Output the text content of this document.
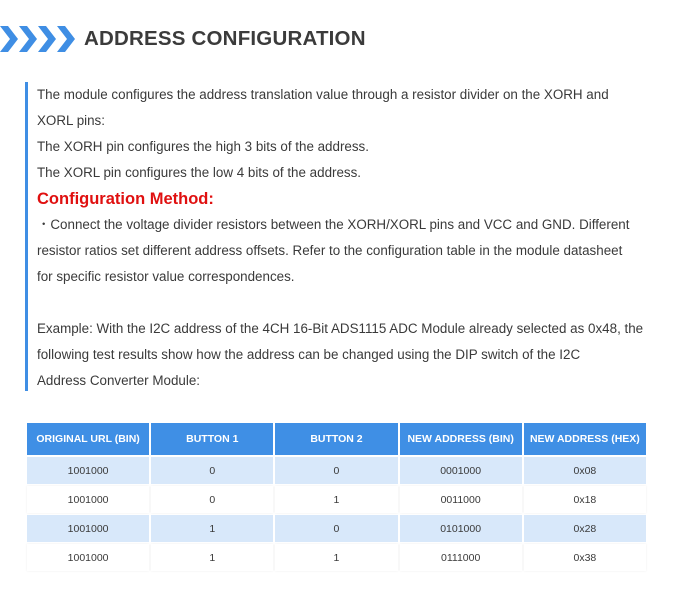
ADDRESS CONFIGURATION
The module configures the address translation value through a resistor divider on the XORH and
XORL pins:
The XORH pin configures the high 3 bits of the address.
The XORL pin configures the low 4 bits of the address.
Configuration Method:
・Connect the voltage divider resistors between the XORH/XORL pins and VCC and GND. Different
resistor ratios set different address offsets. Refer to the configuration table in the module datasheet
for specific resistor value correspondences.
Example: With the I2C address of the 4CH 16-Bit ADS1115 ADC Module already selected as 0x48, the
following test results show how the address can be changed using the DIP switch of the I2C
Address Converter Module:
ORIGINAL URL (BIN)	BUTTON 1	BUTTON 2	NEW ADDRESS (BIN)	NEW ADDRESS (HEX)
1001000	0	0	0001000	0x08
1001000	0	1	0011000	0x18
1001000	1	0	0101000	0x28
1001000	1	1	0111000	0x38
